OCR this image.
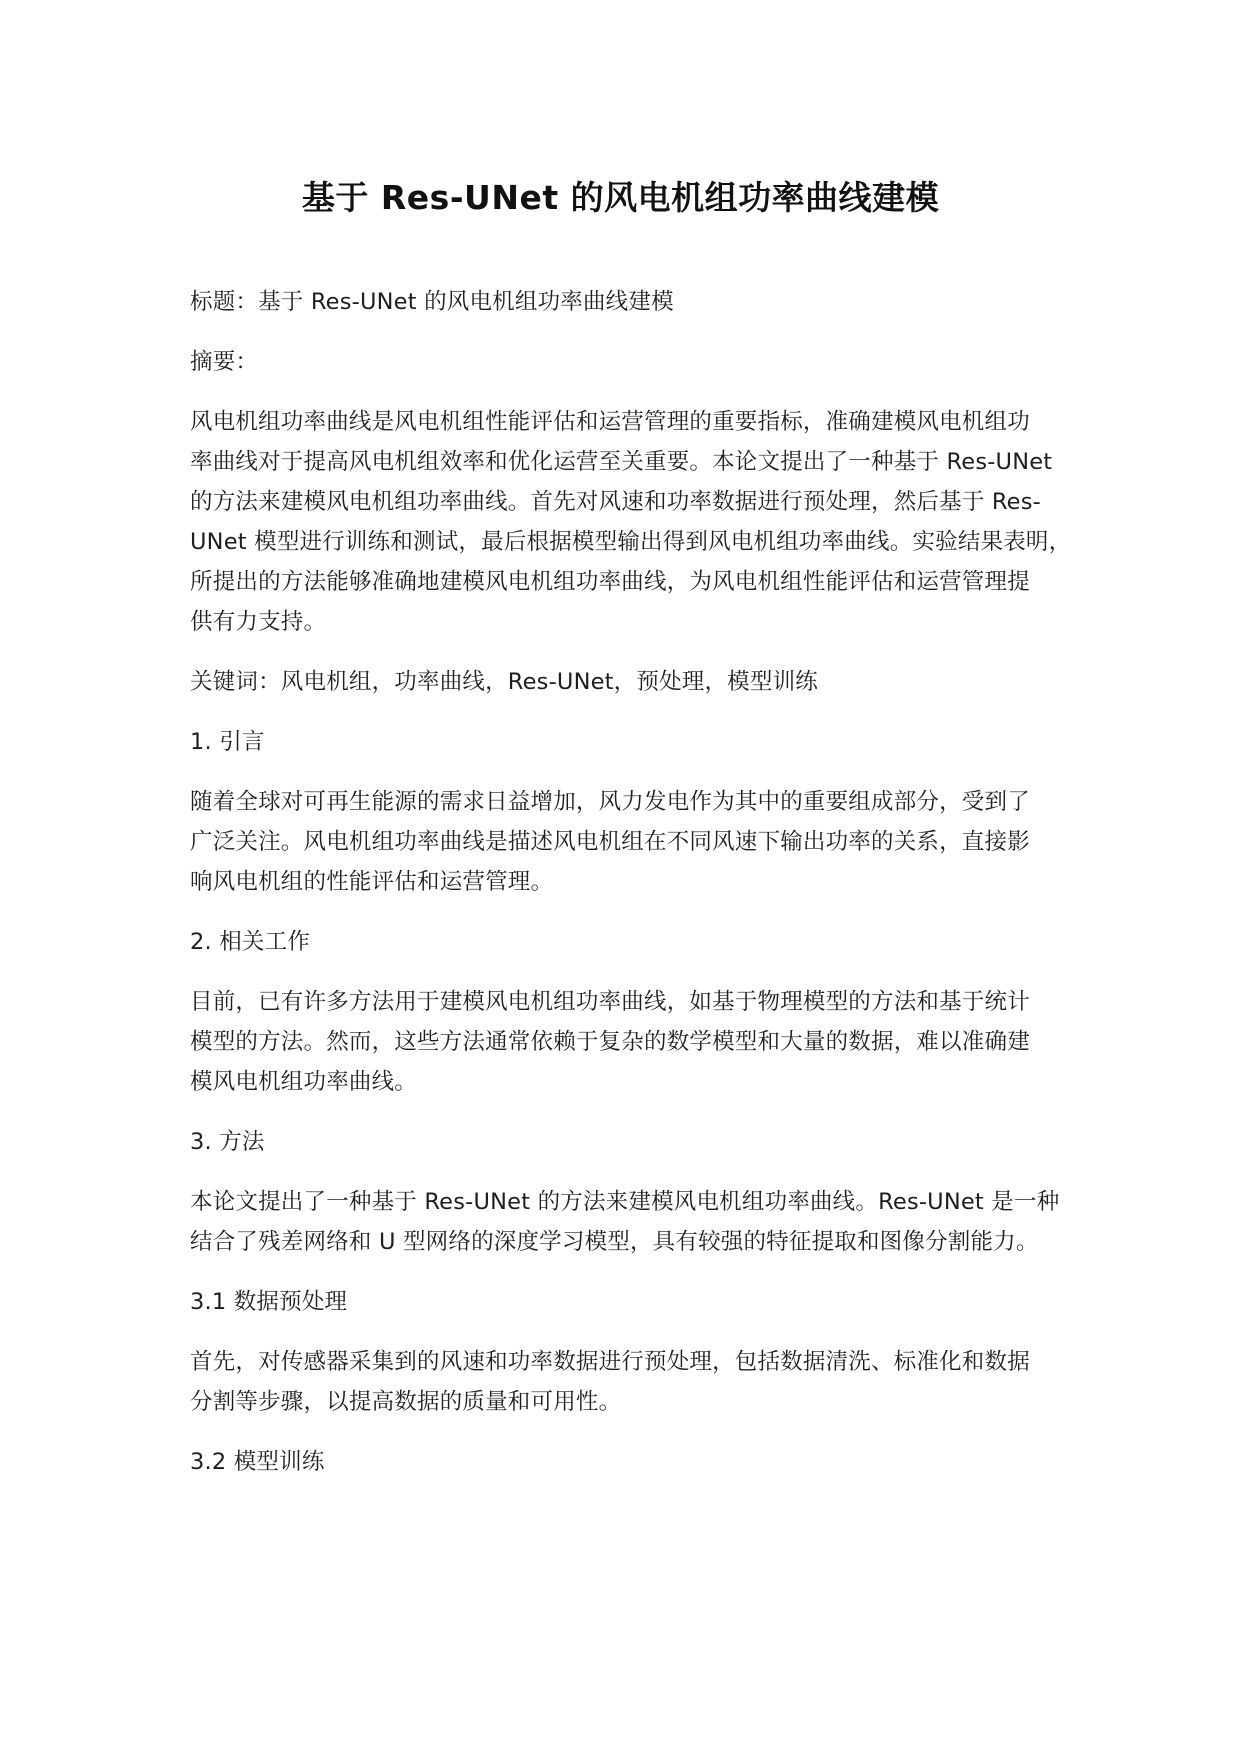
基于 Res-UNet 的风电机组功率曲线建模

标题：基于 Res-UNet 的风电机组功率曲线建模

摘要：

风电机组功率曲线是风电机组性能评估和运营管理的重要指标，准确建模风电机组功
率曲线对于提高风电机组效率和优化运营至关重要。本论文提出了一种基于 Res-UNet
的方法来建模风电机组功率曲线。首先对风速和功率数据进行预处理，然后基于 Res-
UNet 模型进行训练和测试，最后根据模型输出得到风电机组功率曲线。实验结果表明，
所提出的方法能够准确地建模风电机组功率曲线，为风电机组性能评估和运营管理提
供有力支持。

关键词：风电机组，功率曲线，Res-UNet，预处理，模型训练

1. 引言

随着全球对可再生能源的需求日益增加，风力发电作为其中的重要组成部分，受到了
广泛关注。风电机组功率曲线是描述风电机组在不同风速下输出功率的关系，直接影
响风电机组的性能评估和运营管理。

2. 相关工作

目前，已有许多方法用于建模风电机组功率曲线，如基于物理模型的方法和基于统计
模型的方法。然而，这些方法通常依赖于复杂的数学模型和大量的数据，难以准确建
模风电机组功率曲线。

3. 方法

本论文提出了一种基于 Res-UNet 的方法来建模风电机组功率曲线。Res-UNet 是一种
结合了残差网络和 U 型网络的深度学习模型，具有较强的特征提取和图像分割能力。

3.1 数据预处理

首先，对传感器采集到的风速和功率数据进行预处理，包括数据清洗、标准化和数据
分割等步骤，以提高数据的质量和可用性。

3.2 模型训练
